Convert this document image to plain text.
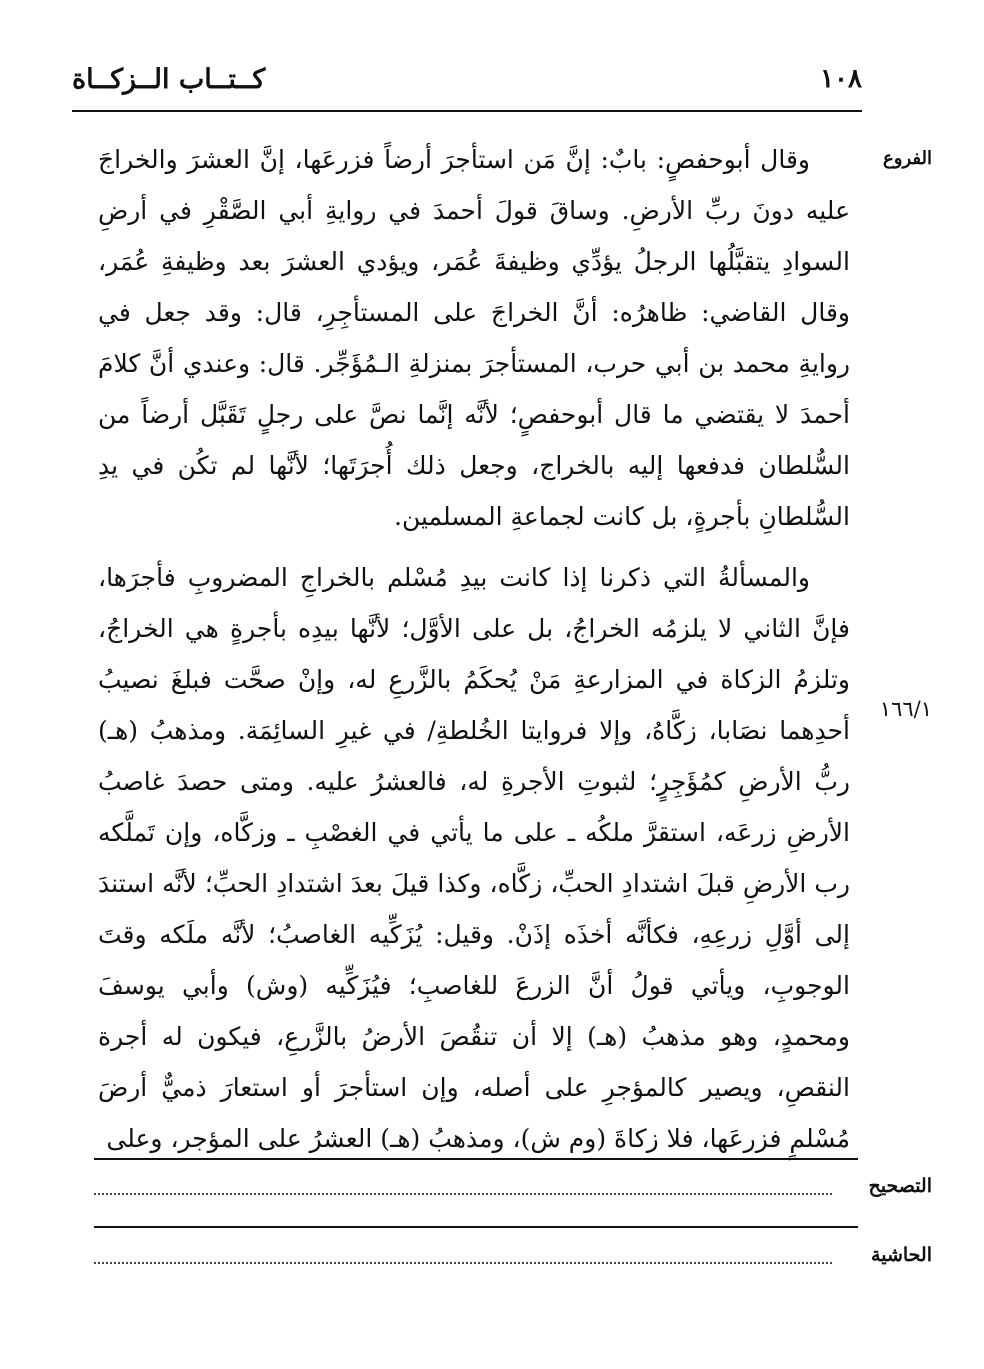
١٠٨
كــتــاب الــزكــاة
الفروع
١٦٦/١

وقال أبوحفصٍ: بابٌ: إنَّ مَن استأجرَ أرضاً فزرعَها، إنَّ العشرَ والخراجَ عليه دونَ ربِّ الأرضِ. وساقَ قولَ أحمدَ في روايةِ أبي الصَّقْرِ في أرضِ السوادِ يتقبَّلُها الرجلُ يؤدِّي وظيفةَ عُمَر، ويؤدي العشرَ بعد وظيفةِ عُمَر، وقال القاضي: ظاهرُه: أنَّ الخراجَ على المستأجِرِ، قال: وقد جعل في روايةِ محمد بن أبي حرب، المستأجرَ بمنزلةِ الـمُؤَجِّر. قال: وعندي أنَّ كلامَ أحمدَ لا يقتضي ما قال أبوحفصٍ؛ لأنَّه إنَّما نصَّ على رجلٍ تَقَبَّل أرضاً من السُّلطان فدفعها إليه بالخراج، وجعل ذلك أُجرَتَها؛ لأنَّها لم تكُن في يدِ السُّلطانِ بأجرةٍ، بل كانت لجماعةِ المسلمين.

والمسألةُ التي ذكرنا إذا كانت بيدِ مُسْلم بالخراجِ المضروبِ فأجرَها، فإنَّ الثاني لا يلزمُه الخراجُ، بل على الأوَّل؛ لأنَّها بيدِه بأجرةٍ هي الخراجُ، وتلزمُ الزكاة في المزارعةِ مَنْ يُحكَمُ بالزَّرعِ له، وإنْ صحَّت فبلغَ نصيبُ أحدِهما نصَابا، زكَّاهُ، وإلا فروايتا الخُلطةِ/ في غيرِ السائِمَة. ومذهبُ (هـ) ربُّ الأرضِ كمُؤَجِرٍ؛ لثبوتِ الأجرةِ له، فالعشرُ عليه. ومتى حصدَ غاصبُ الأرضِ زرعَه، استقرَّ ملكُه ـ على ما يأتي في الغصْبِ ـ وزكَّاه، وإن تَملَّكه رب الأرضِ قبلَ اشتدادِ الحبِّ، زكَّاه، وكذا قيلَ بعدَ اشتدادِ الحبِّ؛ لأنَّه استندَ إلى أوَّلِ زرعِهِ، فكأنَّه أخذَه إذَنْ. وقيل: يُزَكِّيه الغاصبُ؛ لأنَّه ملَكه وقتَ الوجوبِ، ويأتي قولُ أنَّ الزرعَ للغاصبِ؛ فيُزَكِّيه (وش) وأبي يوسفَ ومحمدٍ، وهو مذهبُ (هـ) إلا أن تنقُصَ الأرضُ بالزَّرعِ، فيكون له أجرة النقصِ، ويصير كالمؤجرِ على أصله، وإن استأجرَ أو استعارَ ذميٌّ أرضَ مُسْلمٍ فزرعَها، فلا زكاةَ (وم ش)، ومذهبُ (هـ) العشرُ على المؤجر، وعلى

التصحيح
الحاشية
